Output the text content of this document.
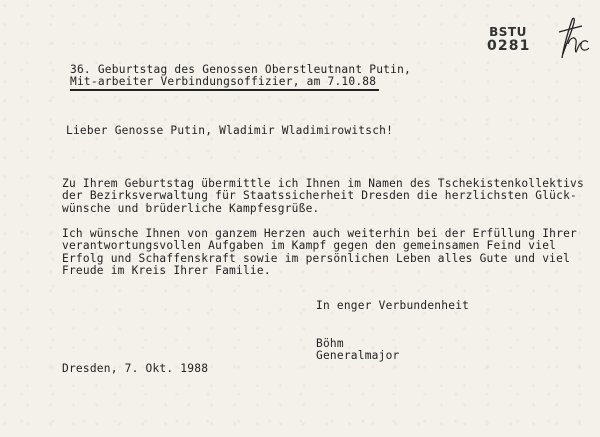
BSTU
0281
36. Geburtstag des Genossen Oberstleutnant Putin,
Mit-arbeiter Verbindungsoffizier, am 7.10.88
Lieber Genosse Putin, Wladimir Wladimirowitsch!
Zu Ihrem Geburtstag übermittle ich Ihnen im Namen des Tschekistenkollektivs
der Bezirksverwaltung für Staatssicherheit Dresden die herzlichsten Glück-
wünsche und brüderliche Kampfesgrüße.
Ich wünsche Ihnen von ganzem Herzen auch weiterhin bei der Erfüllung Ihrer
verantwortungsvollen Aufgaben im Kampf gegen den gemeinsamen Feind viel
Erfolg und Schaffenskraft sowie im persönlichen Leben alles Gute und viel
Freude im Kreis Ihrer Familie.
In enger Verbundenheit
Böhm
Generalmajor
Dresden, 7. Okt. 1988
